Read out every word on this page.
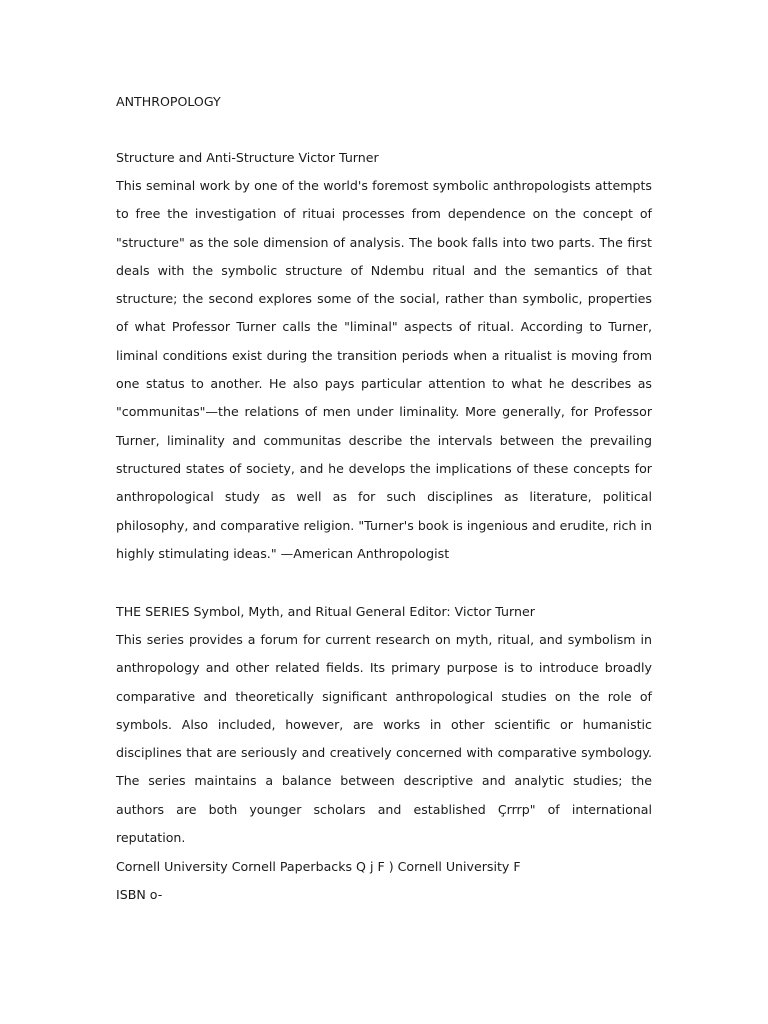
ANTHROPOLOGY
Structure and Anti-Structure Victor Turner

This seminal work by one of the world's foremost symbolic anthropologists attempts to free the investigation of rituai processes from dependence on the concept of "structure" as the sole dimension of analysis. The book falls into two parts. The first deals with the symbolic structure of Ndembu ritual and the semantics of that structure; the second explores some of the social, rather than symbolic, properties of what Professor Turner calls the "liminal" aspects of ritual. According to Turner, liminal conditions exist during the transition periods when a ritualist is moving from one status to another. He also pays particular attention to what he describes as "communitas"—the relations of men under liminality. More generally, for Professor Turner, liminality and communitas describe the intervals between the prevailing structured states of society, and he develops the implications of these concepts for anthropological study as well as for such disciplines as literature, political philosophy, and comparative religion. "Turner's book is ingenious and erudite, rich in highly stimulating ideas." —American Anthropologist

THE SERIES Symbol, Myth, and Ritual General Editor: Victor Turner

This series provides a forum for current research on myth, ritual, and symbolism in anthropology and other related fields. Its primary purpose is to introduce broadly comparative and theoretically significant anthropological studies on the role of symbols. Also included, however, are works in other scientific or humanistic disciplines that are seriously and creatively concerned with comparative symbology. The series maintains a balance between descriptive and analytic studies; the authors are both younger scholars and established Çrrrp" of international reputation.

Cornell University Cornell Paperbacks Q j F ) Cornell University F
ISBN o-
